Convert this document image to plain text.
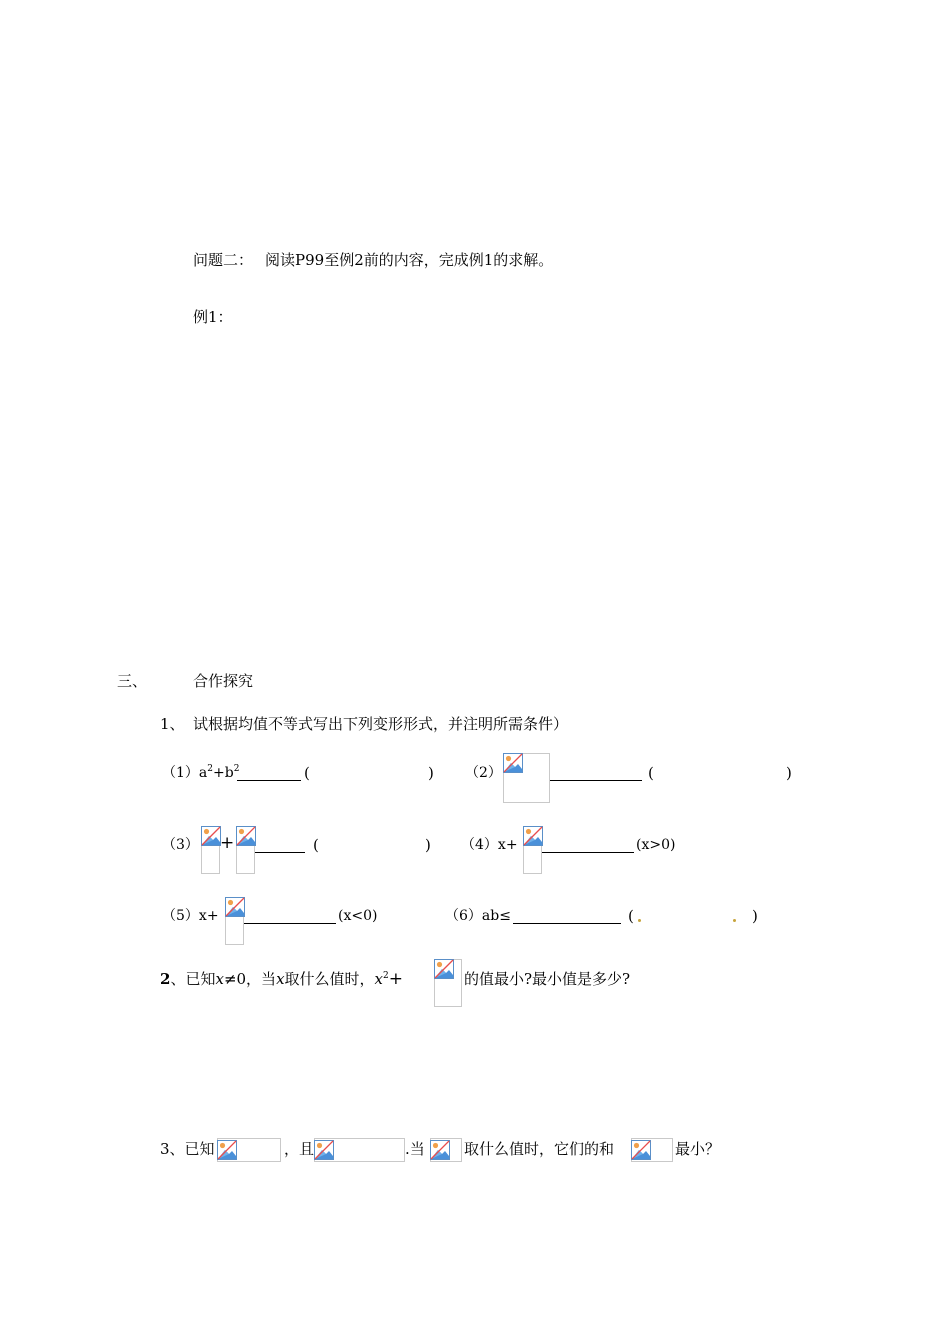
问题二： 阅读P99至例2前的内容，完成例1的求解。
例1：
三、	合作探究
1、 试根据均值不等式写出下列变形形式，并注明所需条件）
$(1)a^2+b^2$	(	) （2）	(	)
（3） +	(	) （4）x+	(x>0)
（5）x+	(x<0)	（6）ab≤	(	)
2、已知x≠0，当x取什么值时，$x^2+$	的值最小?最小值是多少?
3、已知	，且	.当	取什么值时，它们的和	最小？
